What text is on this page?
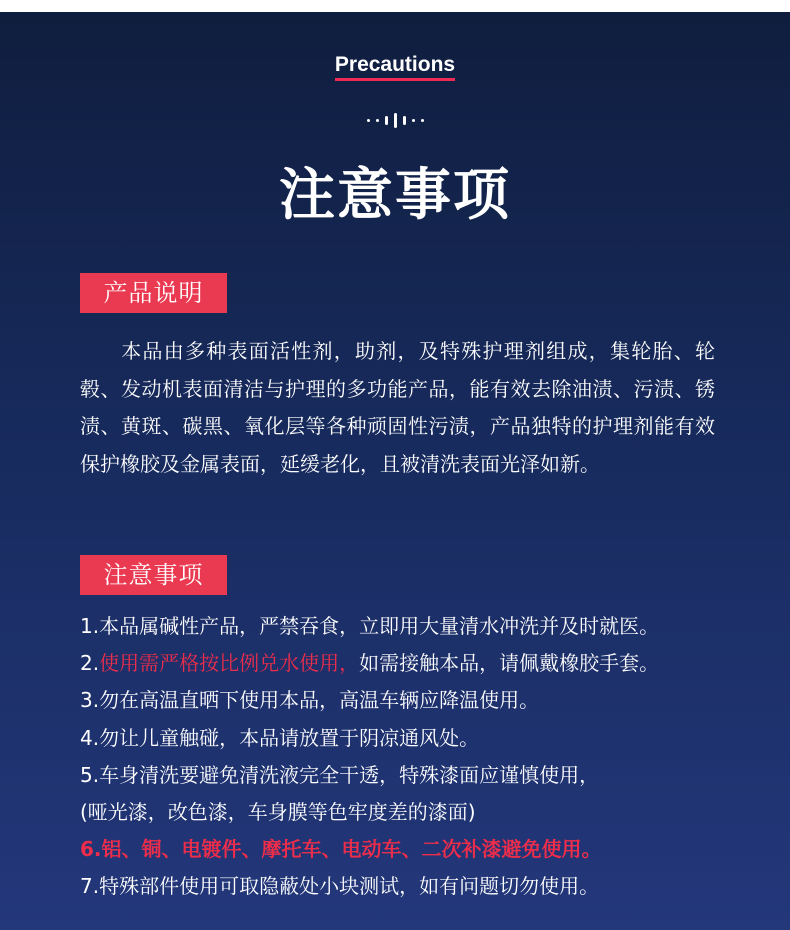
Precautions
注意事项
产品说明

本品由多种表面活性剂，助剂，及特殊护理剂组成，集轮胎、轮毂、发动机表面清洁与护理的多功能产品，能有效去除油渍、污渍、锈渍、黄斑、碳黑、氧化层等各种顽固性污渍，产品独特的护理剂能有效保护橡胶及金属表面，延缓老化，且被清洗表面光泽如新。

注意事项
1.本品属碱性产品，严禁吞食，立即用大量清水冲洗并及时就医。
2.使用需严格按比例兑水使用，如需接触本品，请佩戴橡胶手套。
3.勿在高温直晒下使用本品，高温车辆应降温使用。
4.勿让儿童触碰，本品请放置于阴凉通风处。
5.车身清洗要避免清洗液完全干透，特殊漆面应谨慎使用，
(哑光漆，改色漆，车身膜等色牢度差的漆面)
6.铝、铜、电镀件、摩托车、电动车、二次补漆避免使用。
7.特殊部件使用可取隐蔽处小块测试，如有问题切勿使用。
